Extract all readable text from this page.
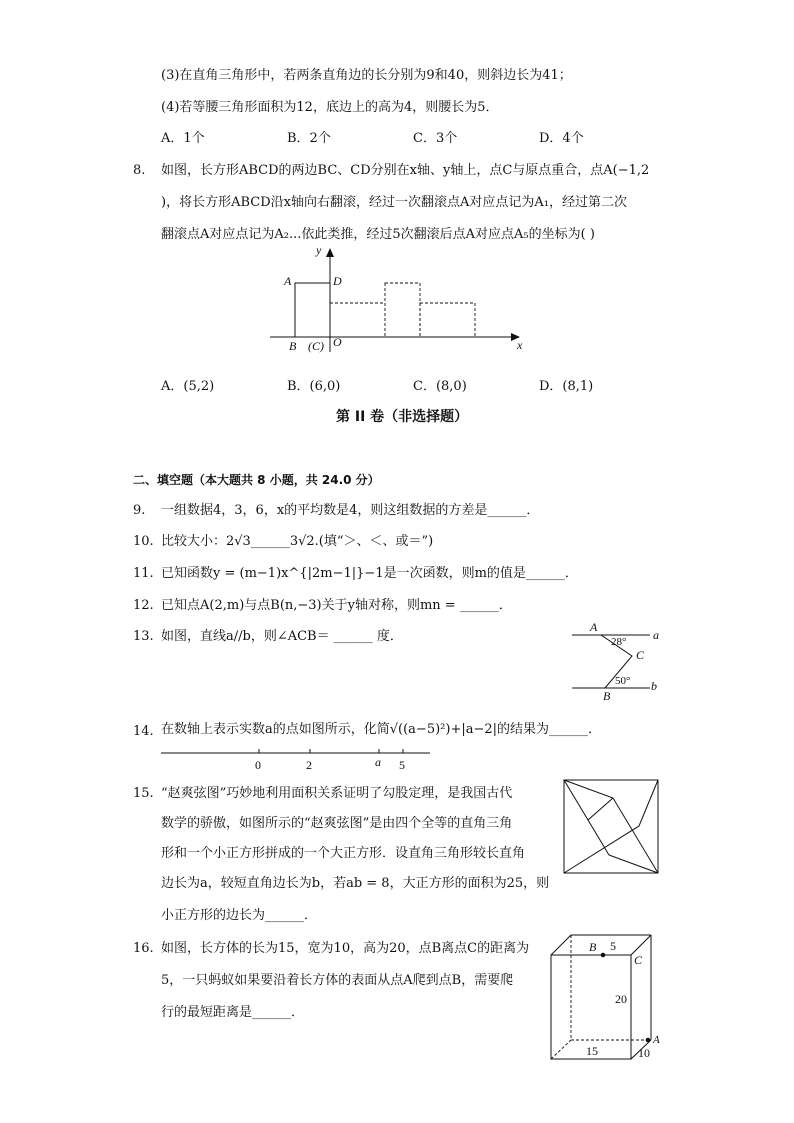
(3)在直角三角形中，若两条直角边的长分别为9和40，则斜边长为41；
(4)若等腰三角形面积为12，底边上的高为4，则腰长为5．
A．1个	B．2个	C．3个	D．4个
8. 如图，长方形ABCD的两边BC、CD分别在x轴、y轴上，点C与原点重合，点A(−1,2
)，将长方形ABCD沿x轴向右翻滚，经过一次翻滚点A对应点记为A₁，经过第二次
翻滚点A对应点记为A₂...依此类推，经过5次翻滚后点A对应点A₅的坐标为( )
y
x
A	D
B (C) O
A．(5,2)	B．(6,0)	C．(8,0)	D．(8,1)
第 II 卷（非选择题）
二、填空题（本大题共 8 小题，共 24.0 分）
9. 一组数据4，3，6，x的平均数是4，则这组数据的方差是______．
10. 比较大小：2√3______3√2.(填“＞、＜、或＝”)
11. 已知函数y = (m−1)x^{|2m−1|}−1是一次函数，则m的值是______．
12. 已知点A(2,m)与点B(n,−3)关于y轴对称，则mn = ______．
13. 如图，直线a//b，则∠ACB＝ ______ 度．
A
C
B
a
b
28°
50°
14. 在数轴上表示实数a的点如图所示，化简√((a−5)²)+|a−2|的结果为______．
0	2	a 5
15. “赵爽弦图”巧妙地利用面积关系证明了勾股定理，是我国古代
数学的骄傲，如图所示的“赵爽弦图”是由四个全等的直角三角
形和一个小正方形拼成的一个大正方形．设直角三角形较长直角
边长为a，较短直角边长为b，若ab = 8，大正方形的面积为25，则
小正方形的边长为______．
16. 如图，长方体的长为15，宽为10，高为20，点B离点C的距离为
5，一只蚂蚁如果要沿着长方体的表面从点A爬到点B，需要爬
行的最短距离是______．
B 5
C
20
A
15	10
